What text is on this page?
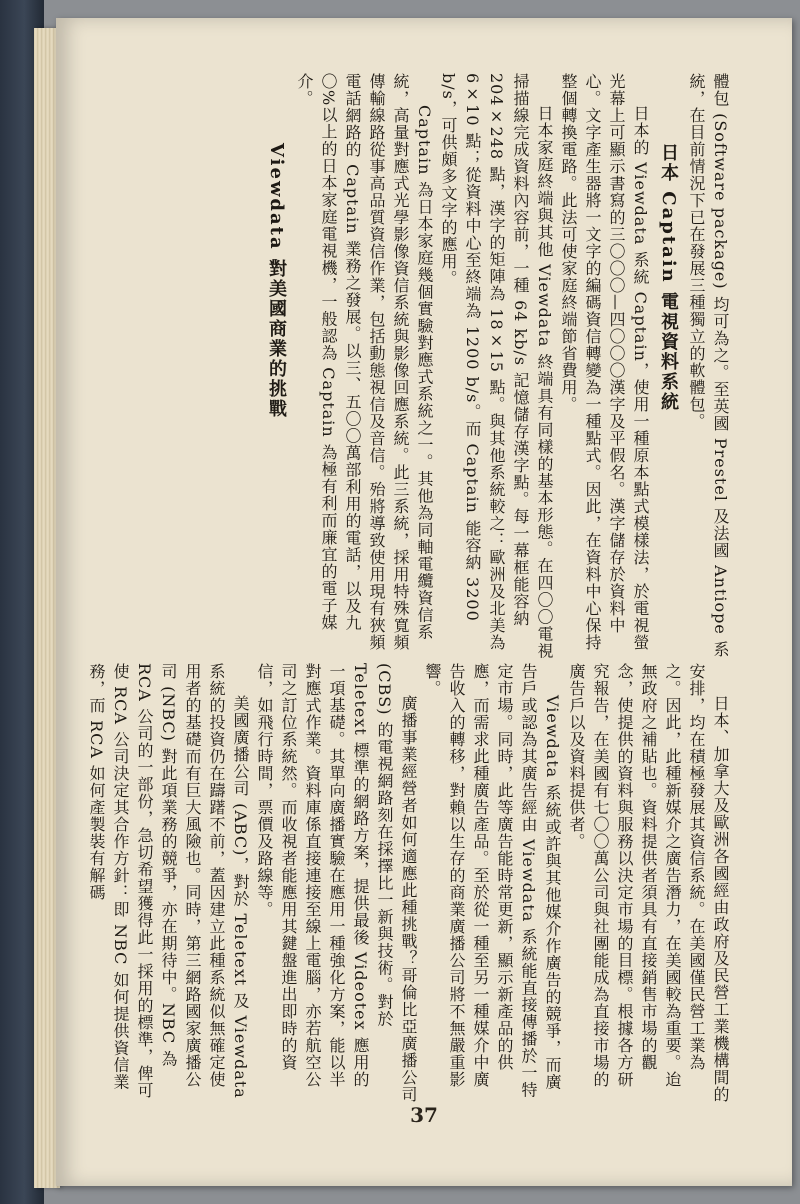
體包 (Software package) 均可為之。至英國 Prestel 及法國 Antiope 系統，在目前情況下已在發展三種獨立的軟體包。

日本 Captain 電視資料系統

日本的 Viewdata 系統 Captain，使用一種原本點式模樣法，於電視螢光幕上可顯示書寫的三〇〇〇—四〇〇〇漢字及平假名。漢字儲存於資料中心。文字產生器將一文字的編碼資信轉變為一種點式。因此，在資料中心保持整個轉換電路。此法可使家庭終端節省費用。

日本家庭終端與其他 Viewdata 終端具有同樣的基本形態。在四〇〇電視掃描線完成資料內容前，一種 64 kb/s 記憶儲存漢字點。每一幕框能容納 204×248 點，漢字的矩陣為 18×15 點。與其他系統較之：歐洲及北美為 6×10 點；從資料中心至終端為 1200 b/s。而 Captain 能容納 3200 b/s，可供頗多文字的應用。

Captain 為日本家庭幾個實驗對應式系統之一。其他為同軸電纜資信系統，高量對應式光學影像資信系統與影像回應系統。此三系統，採用特殊寬頻傳輸線路從事高品質資信作業，包括動態視信及音信。殆將導致使用現有狹頻電話網路的 Captain 業務之發展。以三、五〇〇萬部利用的電話，以及九〇%以上的日本家庭電視機，一般認為 Captain 為極有利而廉宜的電子媒介。

Viewdata 對美國商業的挑戰

日本、加拿大及歐洲各國經由政府及民營工業機構間的安排，均在積極發展其資信系統。在美國僅民營工業為之。因此，此種新媒介之廣告潛力，在美國較為重要。迨無政府之補貼也。資料提供者須具有直接銷售市場的觀念，使提供的資料與服務以決定市場的目標。根據各方研究報告，在美國有七〇〇萬公司與社團能成為直接市場的廣告戶以及資料提供者。

Viewdata 系統或許與其他媒介作廣告的競爭，而廣告戶或認為其廣告經由 Viewdata 系統能直接傳播於一特定市場。同時，此等廣告能時常更新，顯示新產品的供應，而需求此種廣告產品。至於從一種至另一種媒介中廣告收入的轉移，對賴以生存的商業廣播公司將不無嚴重影響。

廣播事業經營者如何適應此種挑戰？哥倫比亞廣播公司 (CBS) 的電視網路刻在採擇比一新與技術。對於 Teletext 標準的網路方案，提供最後 Videotex 應用的一項基礎。其單向廣播實驗在應用一種強化方案，能以半對應式作業。資料庫係直接連接至線上電腦，亦若航空公司之訂位系統然。而收視者能應用其鍵盤進出即時的資信，如飛行時間，票價及路線等。

美國廣播公司 (ABC)，對於 Teletext 及 Viewdata 系統的投資仍在躊躇不前，蓋因建立此種系統似無確定使用者的基礎而有巨大風險也。同時，第三網路國家廣播公司 (NBC) 對此項業務的競爭，亦在期待中。NBC 為 RCA 公司的一部份，急切希望獲得此一採用的標準，俾可使 RCA 公司決定其合作方針：即 NBC 如何提供資信業務，而 RCA 如何產製裝有解碼

37
